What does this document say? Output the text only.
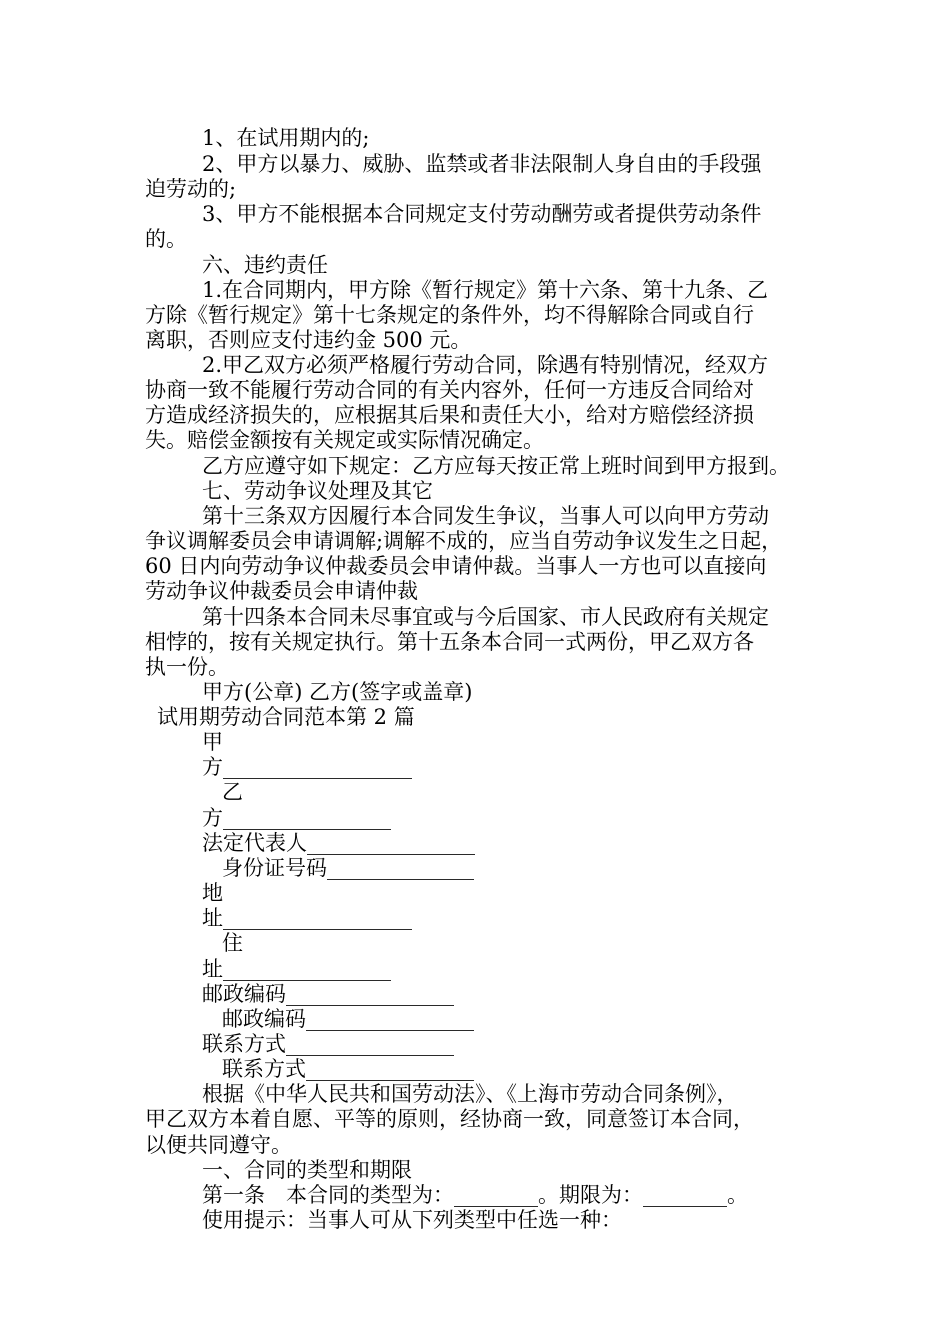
1、在试用期内的;
2、甲方以暴力、威胁、监禁或者非法限制人身自由的手段强
迫劳动的;
3、甲方不能根据本合同规定支付劳动酬劳或者提供劳动条件
的。
六、违约责任
1.在合同期内，甲方除《暂行规定》第十六条、第十九条、乙
方除《暂行规定》第十七条规定的条件外，均不得解除合同或自行
离职，否则应支付违约金 500 元。
2.甲乙双方必须严格履行劳动合同，除遇有特别情况，经双方
协商一致不能履行劳动合同的有关内容外，任何一方违反合同给对
方造成经济损失的，应根据其后果和责任大小，给对方赔偿经济损
失。赔偿金额按有关规定或实际情况确定。
乙方应遵守如下规定：乙方应每天按正常上班时间到甲方报到。
七、劳动争议处理及其它
第十三条双方因履行本合同发生争议，当事人可以向甲方劳动
争议调解委员会申请调解;调解不成的，应当自劳动争议发生之日起，
60 日内向劳动争议仲裁委员会申请仲裁。当事人一方也可以直接向
劳动争议仲裁委员会申请仲裁
第十四条本合同未尽事宜或与今后国家、市人民政府有关规定
相悖的，按有关规定执行。第十五条本合同一式两份，甲乙双方各
执一份。
甲方(公章) 乙方(签字或盖章)
试用期劳动合同范本第 2 篇
甲
方__________________
乙
方________________
法定代表人________________
身份证号码______________
地
址__________________
住
址________________
邮政编码________________
邮政编码________________
联系方式________________
联系方式________________
根据《中华人民共和国劳动法》、《上海市劳动合同条例》，
甲乙双方本着自愿、平等的原则，经协商一致，同意签订本合同，
以便共同遵守。
一、合同的类型和期限
第一条　本合同的类型为：________。期限为：________。
使用提示：当事人可从下列类型中任选一种：
